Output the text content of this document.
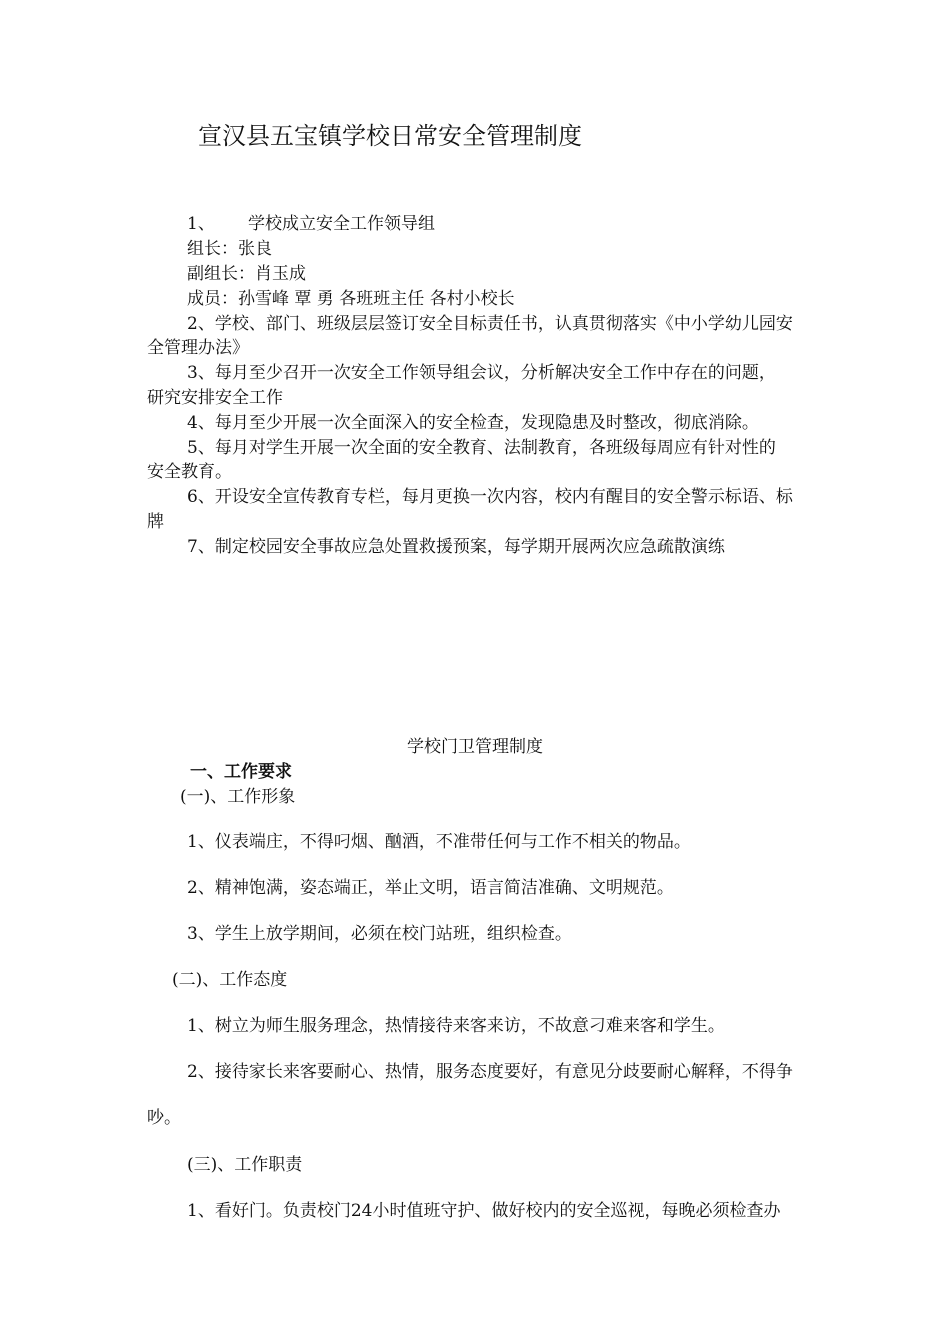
宣汉县五宝镇学校日常安全管理制度
1、 学校成立安全工作领导组
组长：张良
副组长：肖玉成
成员：孙雪峰 覃 勇 各班班主任 各村小校长
2、学校、部门、班级层层签订安全目标责任书，认真贯彻落实《中小学幼儿园安
全管理办法》
3、每月至少召开一次安全工作领导组会议，分析解决安全工作中存在的问题，
研究安排安全工作
4、每月至少开展一次全面深入的安全检查，发现隐患及时整改，彻底消除。
5、每月对学生开展一次全面的安全教育、法制教育，各班级每周应有针对性的
安全教育。
6、开设安全宣传教育专栏，每月更换一次内容，校内有醒目的安全警示标语、标
牌
7、制定校园安全事故应急处置救援预案，每学期开展两次应急疏散演练
学校门卫管理制度
一、工作要求
(一)、工作形象
1、仪表端庄，不得叼烟、酗酒，不准带任何与工作不相关的物品。
2、精神饱满，姿态端正，举止文明，语言简洁准确、文明规范。
3、学生上放学期间，必须在校门站班，组织检查。
(二)、工作态度
1、树立为师生服务理念，热情接待来客来访，不故意刁难来客和学生。
2、接待家长来客要耐心、热情，服务态度要好，有意见分歧要耐心解释，不得争
吵。
(三)、工作职责
1、看好门。负责校门24小时值班守护、做好校内的安全巡视，每晚必须检查办
